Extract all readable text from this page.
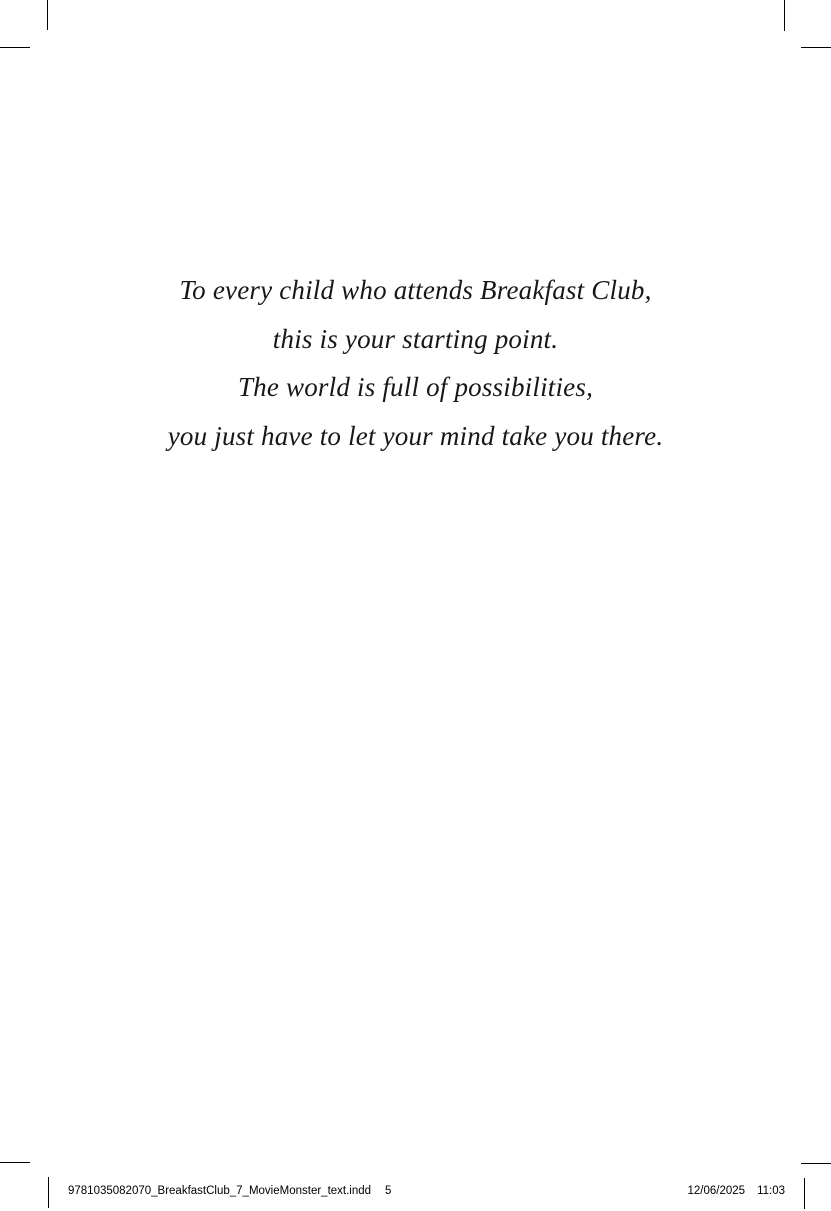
To every child who attends Breakfast Club,
this is your starting point.
The world is full of possibilities,
you just have to let your mind take you there.
9781035082070_BreakfastClub_7_MovieMonster_text.indd 5	12/06/2025 11:03
